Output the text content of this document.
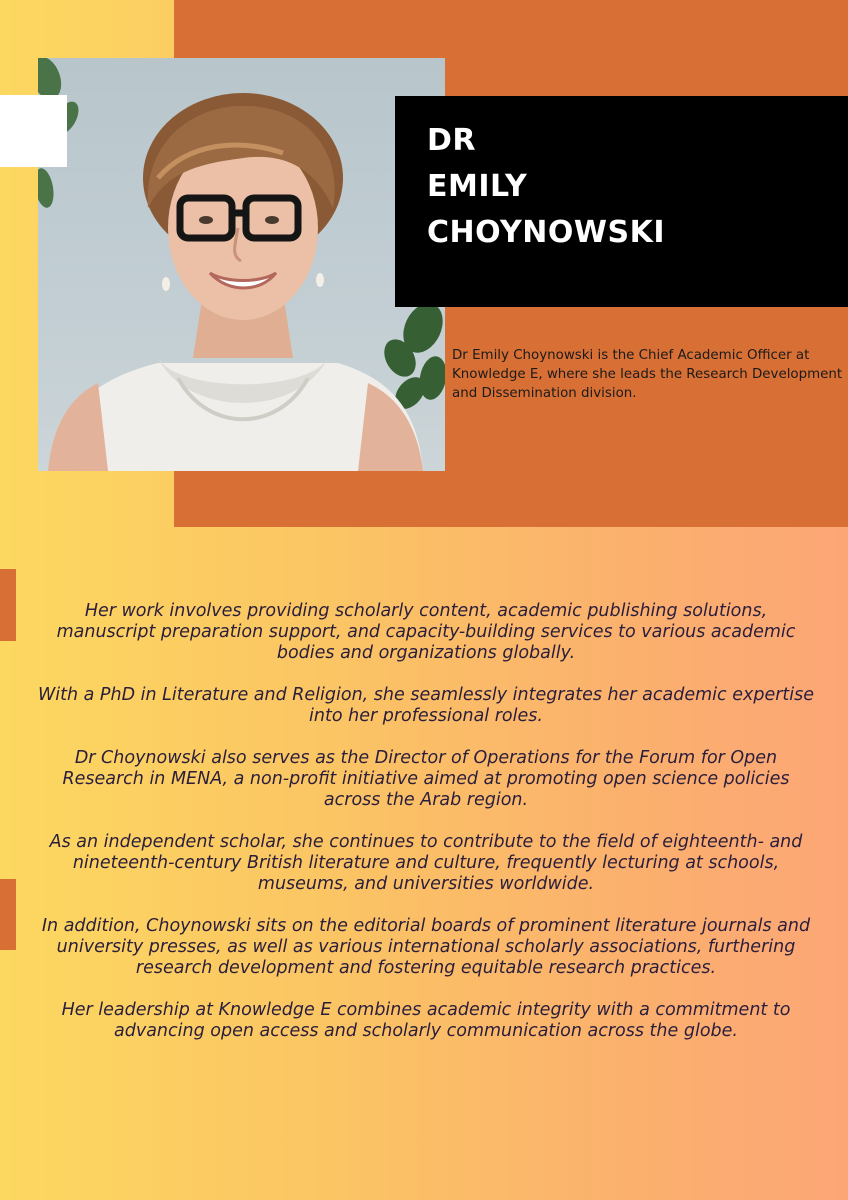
DR
EMILY
CHOYNOWSKI
Dr Emily Choynowski is the Chief Academic Officer at Knowledge E, where she leads the Research Development and Dissemination division.

Her work involves providing scholarly content, academic publishing solutions, manuscript preparation support, and capacity-building services to various academic bodies and organizations globally.

With a PhD in Literature and Religion, she seamlessly integrates her academic expertise into her professional roles.

Dr Choynowski also serves as the Director of Operations for the Forum for Open Research in MENA, a non-profit initiative aimed at promoting open science policies across the Arab region.

As an independent scholar, she continues to contribute to the field of eighteenth- and nineteenth-century British literature and culture, frequently lecturing at schools, museums, and universities worldwide.

In addition, Choynowski sits on the editorial boards of prominent literature journals and university presses, as well as various international scholarly associations, furthering research development and fostering equitable research practices.

Her leadership at Knowledge E combines academic integrity with a commitment to advancing open access and scholarly communication across the globe.
